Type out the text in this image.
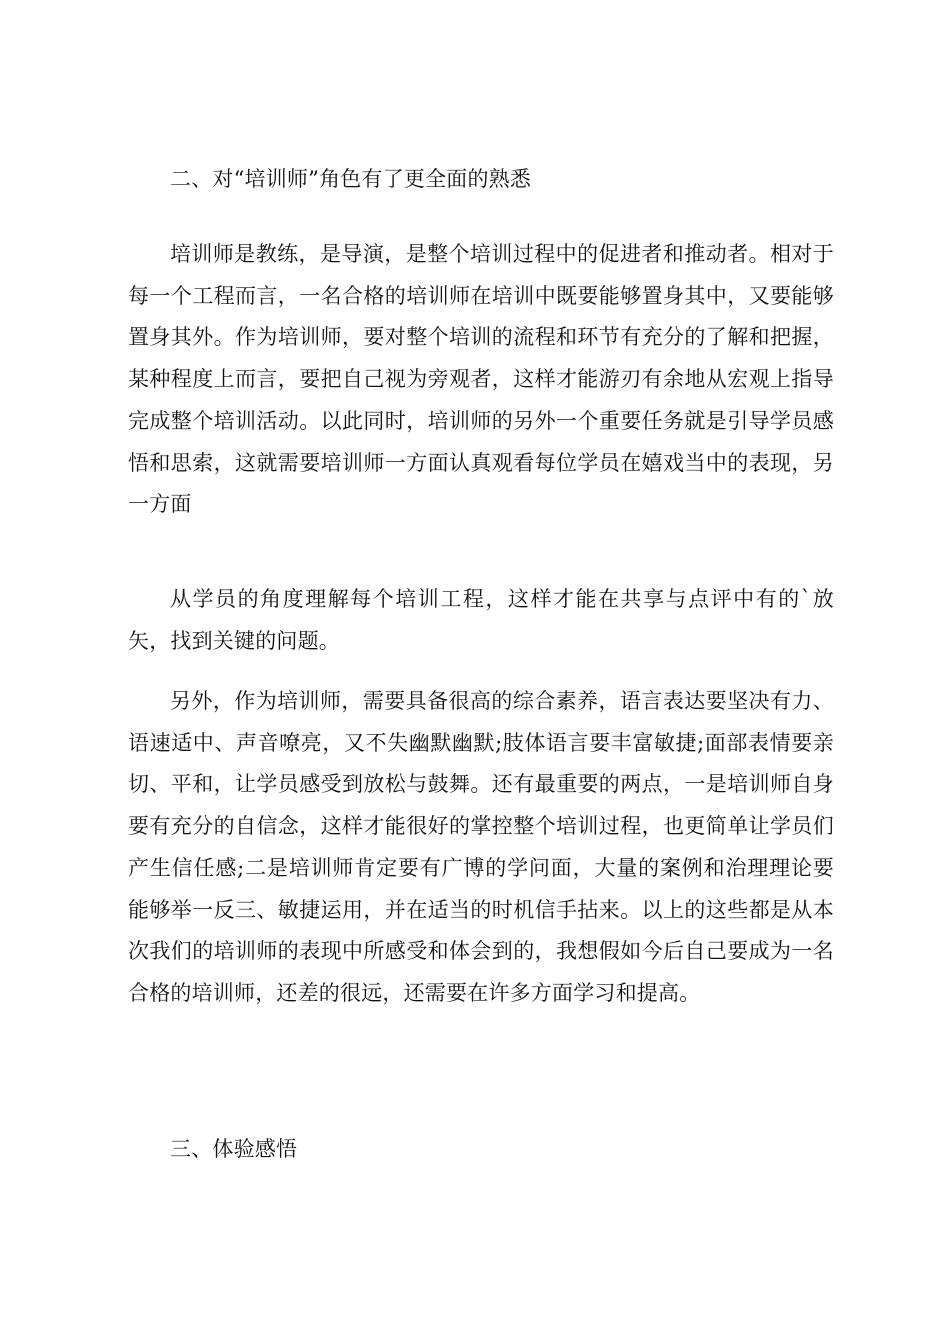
二、对“培训师”角色有了更全面的熟悉

培训师是教练，是导演，是整个培训过程中的促进者和推动者。相对于每一个工程而言，一名合格的培训师在培训中既要能够置身其中，又要能够置身其外。作为培训师，要对整个培训的流程和环节有充分的了解和把握，某种程度上而言，要把自己视为旁观者，这样才能游刃有余地从宏观上指导完成整个培训活动。以此同时，培训师的另外一个重要任务就是引导学员感悟和思索，这就需要培训师一方面认真观看每位学员在嬉戏当中的表现，另一方面

从学员的角度理解每个培训工程，这样才能在共享与点评中有的`放矢，找到关键的问题。

另外，作为培训师，需要具备很高的综合素养，语言表达要坚决有力、语速适中、声音嘹亮，又不失幽默幽默;肢体语言要丰富敏捷;面部表情要亲切、平和，让学员感受到放松与鼓舞。还有最重要的两点，一是培训师自身要有充分的自信念，这样才能很好的掌控整个培训过程，也更简单让学员们产生信任感;二是培训师肯定要有广博的学问面，大量的案例和治理理论要能够举一反三、敏捷运用，并在适当的时机信手拈来。以上的这些都是从本次我们的培训师的表现中所感受和体会到的，我想假如今后自己要成为一名合格的培训师，还差的很远，还需要在许多方面学习和提高。

三、体验感悟
